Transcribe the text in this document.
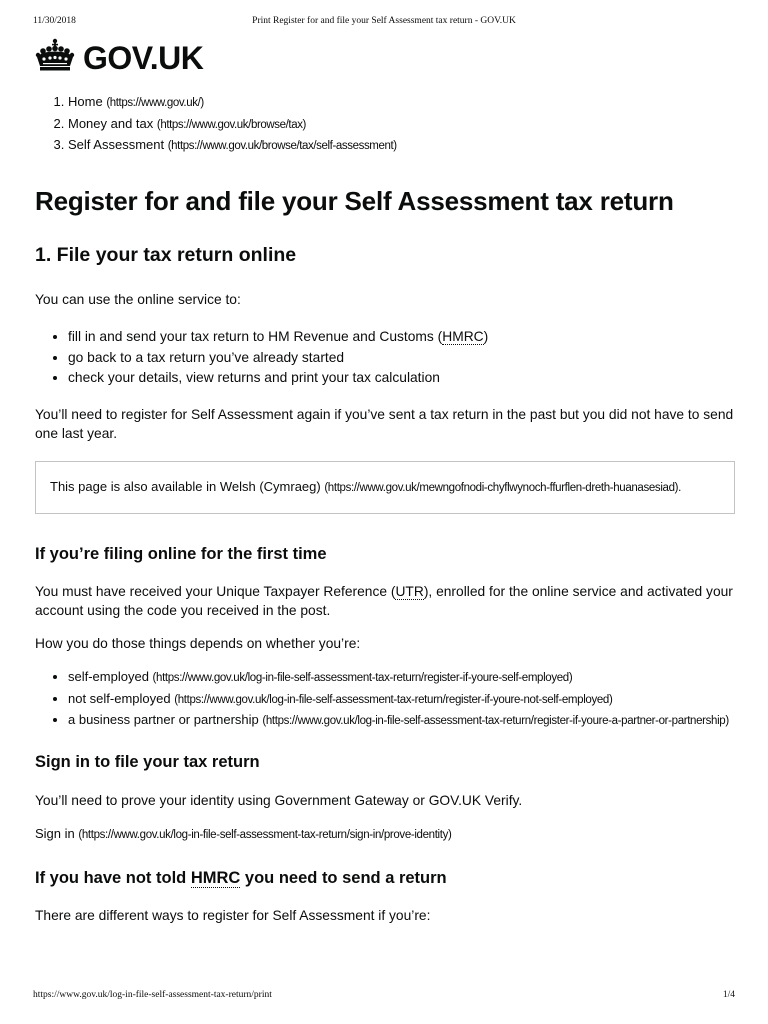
11/30/2018	Print Register for and file your Self Assessment tax return - GOV.UK
GOV.UK
1. Home (https://www.gov.uk/)
2. Money and tax (https://www.gov.uk/browse/tax)
3. Self Assessment (https://www.gov.uk/browse/tax/self-assessment)
Register for and file your Self Assessment tax return
1. File your tax return online

You can use the online service to:

• fill in and send your tax return to HM Revenue and Customs (HMRC)
• go back to a tax return you’ve already started
• check your details, view returns and print your tax calculation

You’ll need to register for Self Assessment again if you’ve sent a tax return in the past but you did not have to send one last year.

This page is also available in Welsh (Cymraeg) (https://www.gov.uk/mewngofnodi-chyflwynoch-ffurflen-dreth-huanasesiad).
If you’re filing online for the first time

You must have received your Unique Taxpayer Reference (UTR), enrolled for the online service and activated your account using the code you received in the post.

How you do those things depends on whether you’re:

• self-employed (https://www.gov.uk/log-in-file-self-assessment-tax-return/register-if-youre-self-employed)
• not self-employed (https://www.gov.uk/log-in-file-self-assessment-tax-return/register-if-youre-not-self-employed)
• a business partner or partnership (https://www.gov.uk/log-in-file-self-assessment-tax-return/register-if-youre-a-partner-or-partnership)
Sign in to file your tax return

You’ll need to prove your identity using Government Gateway or GOV.UK Verify.

Sign in (https://www.gov.uk/log-in-file-self-assessment-tax-return/sign-in/prove-identity)

If you have not told HMRC you need to send a return

There are different ways to register for Self Assessment if you’re:

https://www.gov.uk/log-in-file-self-assessment-tax-return/print	1/4
